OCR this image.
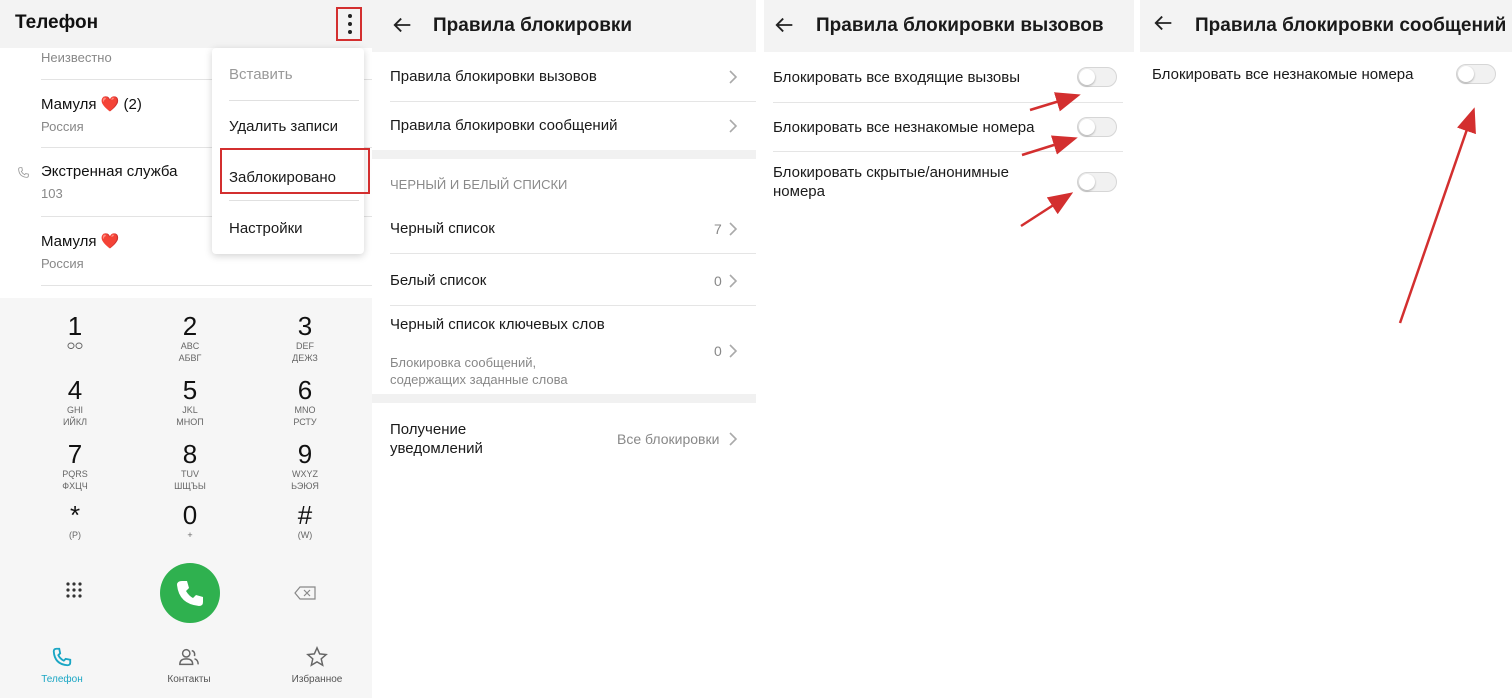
Телефон
Неизвестно
Мамуля ❤️ (2)
Россия
Экстренная служба
103
Мамуля ❤️
Россия
Вставить
Удалить записи
Заблокировано
Настройки
1
ⵔⵔ
2
ABC
АБВГ
3
DEF
ДЕЖЗ
4
GHI
ИЙКЛ
5
JKL
МНОП
6
MNO
РСТУ
7
PQRS
ФХЦЧ
8
TUV
ШЩЪЫ
9
WXYZ
ЬЭЮЯ
*
(P)
0
+
#
(W)
Телефон	Контакты	Избранное
Правила блокировки
Правила блокировки вызовов
Правила блокировки сообщений
ЧЕРНЫЙ И БЕЛЫЙ СПИСКИ
Черный список	7
Белый список	0
Черный список ключевых слов
Блокировка сообщений, содержащих заданные слова
0
Получение уведомлений
Все блокировки
Правила блокировки вызовов
Блокировать все входящие вызовы
Блокировать все незнакомые номера
Блокировать скрытые/анонимные номера
Правила блокировки сообщений
Блокировать все незнакомые номера
